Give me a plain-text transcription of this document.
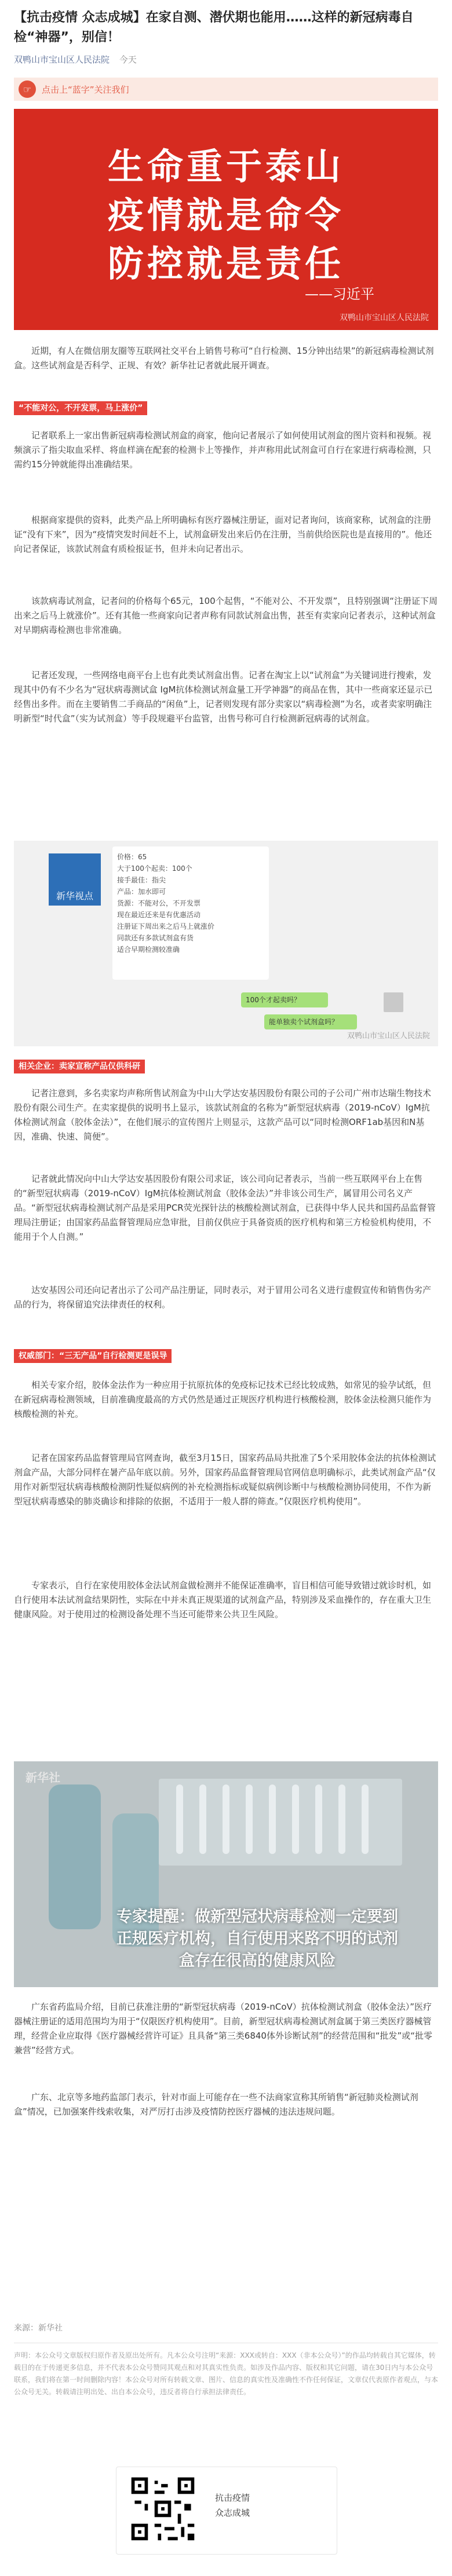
【抗击疫情 众志成城】在家自测、潜伏期也能用……这样的新冠病毒自检“神器”，别信！
双鸭山市宝山区人民法院 今天
☞	点击上“蓝字”关注我们
生命重于泰山
疫情就是命令
防控就是责任
——习近平
双鸭山市宝山区人民法院
近期，有人在微信朋友圈等互联网社交平台上销售号称可“自行检测、15分钟出结果”的新冠病毒检测试剂盒。这些试剂盒是否科学、正规、有效？新华社记者就此展开调查。
“不能对公，不开发票，马上涨价”
记者联系上一家出售新冠病毒检测试剂盒的商家，他向记者展示了如何使用试剂盒的图片资料和视频。视频演示了指尖取血采样、将血样滴在配套的检测卡上等操作，并声称用此试剂盒可自行在家进行病毒检测，只需约15分钟就能得出准确结果。
根据商家提供的资料，此类产品上所明确标有医疗器械注册证，面对记者询问，该商家称，试剂盒的注册证“没有下来”，因为“疫情突发时间赶不上，试剂盒研发出来后仍在注册，当前供给医院也是直接用的”。他还向记者保证，该款试剂盒有质检报证书，但并未向记者出示。
该款病毒试剂盒，记者问的价格每个65元，100个起售，“不能对公、不开发票”，且特别强调“注册证下周出来之后马上就涨价”。还有其他一些商家向记者声称有同款试剂盒出售，甚至有卖家向记者表示，这种试剂盒对早期病毒检测也非常准确。
记者还发现，一些网络电商平台上也有此类试剂盒出售。记者在淘宝上以“试剂盒”为关键词进行搜索，发现其中仍有不少名为“冠状病毒测试盒 IgM抗体检测试剂盒量工开学神器”的商品在售，其中一些商家还显示已经售出多件。而在主要销售二手商品的“闲鱼”上，记者则发现有部分卖家以“病毒检测”为名，或者卖家明确注明新型“时代盒”（实为试剂盒）等手段规避平台监管，出售号称可自行检测新冠病毒的试剂盒。
新华视点
价格：65
大于100个起卖：100个
接手最佳：指尖
产品：加水即可
货源：不能对公，不开发票
现在最近还来是有优惠活动
注册证下周出来之后马上就涨价
同款还有多款试剂盒有货
适合早期检测较准确
100个才起卖吗？
能单独卖个试剂盒吗？
双鸭山市宝山区人民法院
相关企业：卖家宣称产品仅供科研
记者注意到，多名卖家均声称所售试剂盒为中山大学达安基因股份有限公司的子公司广州市达瑞生物技术股份有限公司生产。在卖家提供的说明书上显示，该款试剂盒的名称为“新型冠状病毒（2019-nCoV）IgM抗体检测试剂盒（胶体金法）”，在他们展示的宣传图片上则显示，这款产品可以“同时检测ORF1ab基因和N基因，准确、快速、简便”。
记者就此情况向中山大学达安基因股份有限公司求证，该公司向记者表示，当前一些互联网平台上在售的“新型冠状病毒（2019-nCoV）IgM抗体检测试剂盒（胶体金法）”并非该公司生产，属冒用公司名义产品。“新型冠状病毒检测试剂产品是采用PCR荧光探针法的核酸检测试剂盒，已获得中华人民共和国药品监督管理局注册证；由国家药品监督管理局应急审批，目前仅供应于具备资质的医疗机构和第三方检验机构使用，不能用于个人自测。”
达安基因公司还向记者出示了公司产品注册证，同时表示，对于冒用公司名义进行虚假宣传和销售伪劣产品的行为，将保留追究法律责任的权利。
权威部门：“三无产品”自行检测更是误导
相关专家介绍，胶体金法作为一种应用于抗原抗体的免疫标记技术已经比较成熟，如常见的验孕试纸，但在新冠病毒检测领域，目前准确度最高的方式仍然是通过正规医疗机构进行核酸检测，胶体金法检测只能作为核酸检测的补充。
记者在国家药品监督管理局官网查询，截至3月15日，国家药品局共批准了5个采用胶体金法的抗体检测试剂盒产品，大部分同样在暑产品年底以前。另外，国家药品监督管理局官网信息明确标示，此类试剂盒产品“仅用作对新型冠状病毒核酸检测阴性疑似病例的补充检测指标或疑似病例诊断中与核酸检测协同使用，不作为新型冠状病毒感染的肺炎确诊和排除的依据，不适用于一般人群的筛查。”仅限医疗机构使用”。
专家表示，自行在家使用胶体金法试剂盒做检测并不能保证准确率，盲目相信可能导致错过就诊时机，如自行使用本法试剂盒结果阴性，实际在中并未真正规渠道的试剂盒产品，特别涉及采血操作的，存在重大卫生健康风险。对于使用过的检测设备处理不当还可能带来公共卫生风险。
新华社
专家提醒：做新型冠状病毒检测一定要到
正规医疗机构，自行使用来路不明的试剂
盒存在很高的健康风险
广东省药监局介绍，目前已获准注册的“新型冠状病毒（2019-nCoV）抗体检测试剂盒（胶体金法）”医疗器械注册证的适用范围均为用于“仅限医疗机构使用”。目前，新型冠状病毒检测试剂盒属于第三类医疗器械管理，经营企业应取得《医疗器械经营许可证》且具备“第三类6840体外诊断试剂”的经营范围和“批发”或“批零兼营”经营方式。
广东、北京等多地药监部门表示，针对市面上可能存在一些不法商家宣称其所销售“新冠肺炎检测试剂盒”情况，已加强案件线索收集，对严厉打击涉及疫情防控医疗器械的违法违规问题。
来源：新华社
声明：本公众号文章版权归原作者及原出处所有。凡本公众号注明“来源：XXX或转自：XXX（非本公众号）”的作品均转载自其它媒体，转载目的在于传递更多信息，并不代表本公众号赞同其观点和对其真实性负责。如涉及作品内容、版权和其它问题，请在30日内与本公众号联系，我们将在第一时间删除内容！本公众号对所有转载文章、图片、信息的真实性及准确性不作任何保证，文章仅代表原作者观点，与本公众号无关。转载请注明出处、出自本公众号，违反者将自行承担法律责任。
抗击疫情
众志成城
